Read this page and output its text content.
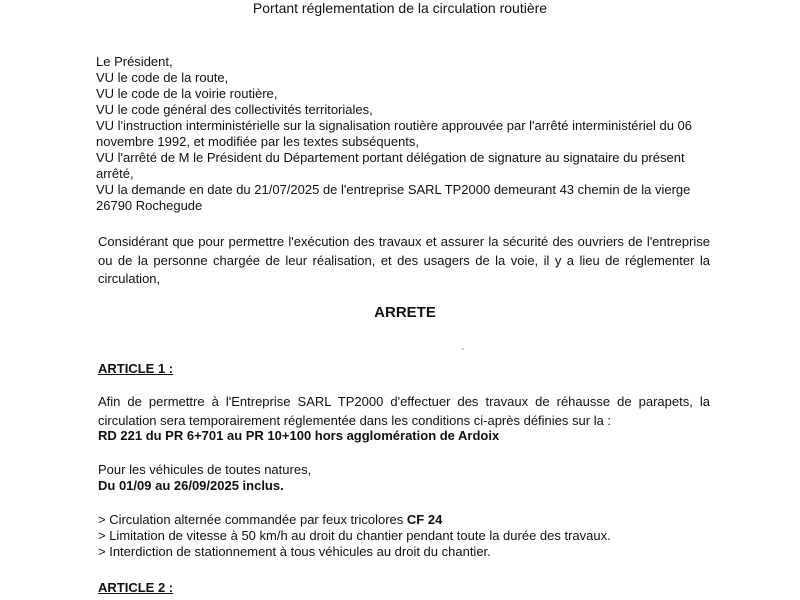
Portant réglementation de la circulation routière
Le Président,
VU le code de la route,
VU le code de la voirie routière,
VU le code général des collectivités territoriales,
VU l'instruction interministérielle sur la signalisation routière approuvée par l'arrêté interministériel du 06
novembre 1992, et modifiée par les textes subséquents,
VU l'arrêté de M le Président du Département portant délégation de signature au signataire du présent
arrêté,
VU la demande en date du 21/07/2025 de l'entreprise SARL TP2000 demeurant 43 chemin de la vierge
26790 Rochegude
Considérant que pour permettre l'exécution des travaux et assurer la sécurité des ouvriers de l'entreprise ou de la personne chargée de leur réalisation, et des usagers de la voie, il y a lieu de réglementer la circulation,
ARRETE
ARTICLE 1 :
Afin de permettre à l'Entreprise SARL TP2000 d'effectuer des travaux de réhausse de parapets, la circulation sera temporairement réglementée dans les conditions ci-après définies sur la :
RD 221 du PR 6+701 au PR 10+100 hors agglomération de Ardoix
Pour les véhicules de toutes natures,
Du 01/09 au 26/09/2025 inclus.
> Circulation alternée commandée par feux tricolores CF 24
> Limitation de vitesse à 50 km/h au droit du chantier pendant toute la durée des travaux.
> Interdiction de stationnement à tous véhicules au droit du chantier.
ARTICLE 2 :
